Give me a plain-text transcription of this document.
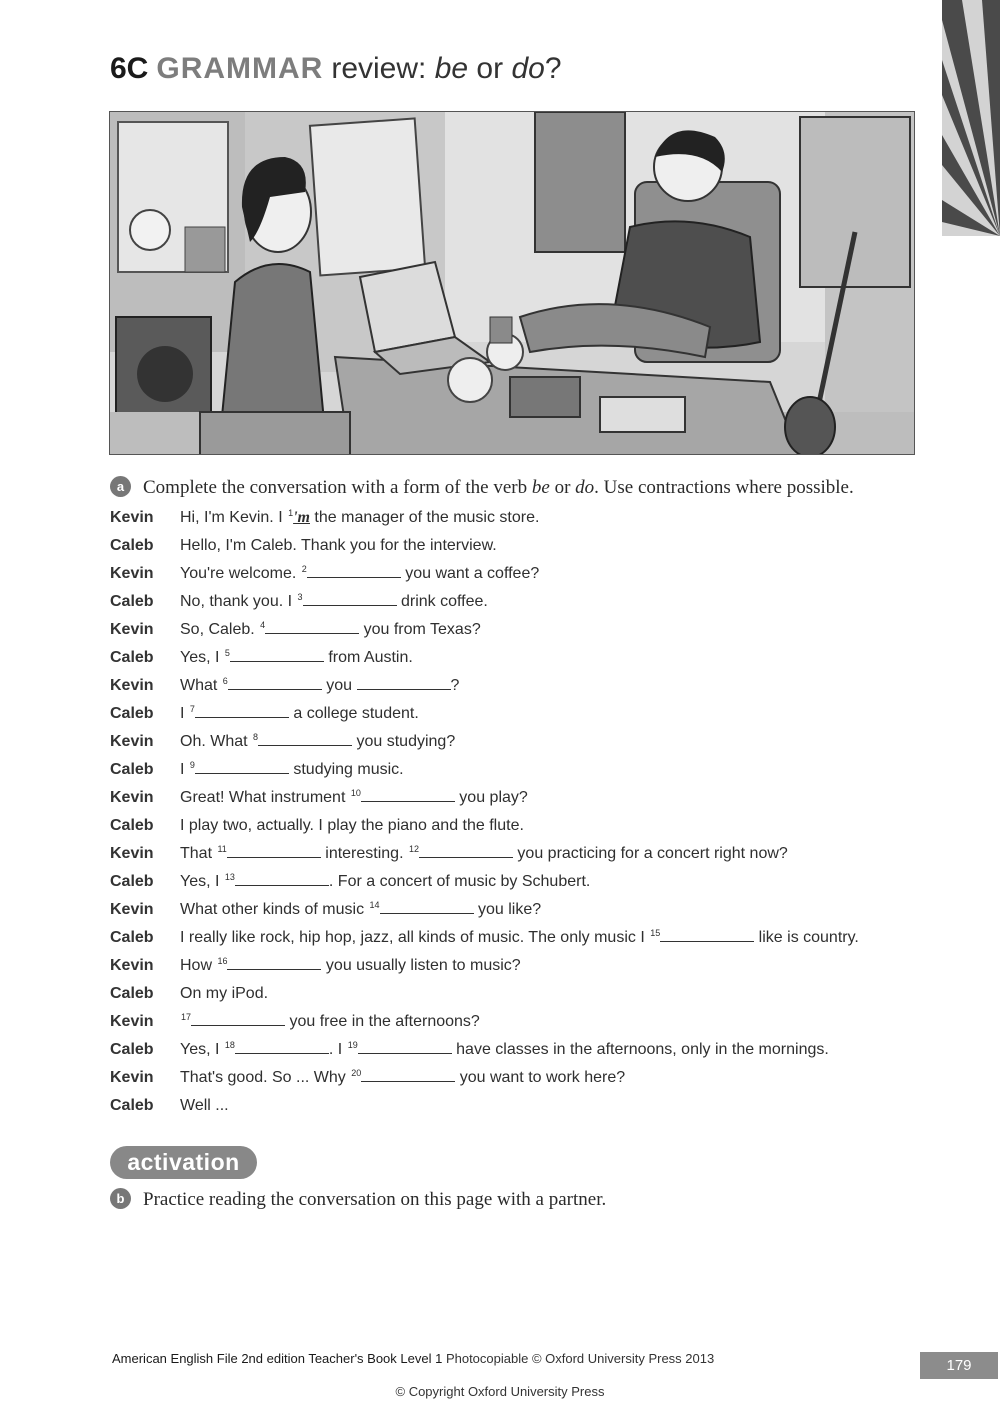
6C GRAMMAR review: be or do?
a Complete the conversation with a form of the verb be or do. Use contractions where possible.
Kevin Hi, I'm Kevin. I $^1$'m the manager of the music store.
Caleb Hello, I'm Caleb. Thank you for the interview.
Kevin You're welcome. $^2$	you want a coffee?
Caleb No, thank you. I $^3$	drink coffee.
Kevin So, Caleb. $^4$	you from Texas?
Caleb Yes, I $^5$	from Austin.
Kevin What $^6$	you	?
Caleb I $^7$	a college student.
Kevin Oh. What $^8$	you studying?
Caleb I $^9$	studying music.
Kevin Great! What instrument $^{10}$	you play?
Caleb I play two, actually. I play the piano and the flute.
Kevin That $^{11}$	interesting. $^{12}$	you practicing for a concert right now?
Caleb Yes, I $^{13}$	. For a concert of music by Schubert.
Kevin What other kinds of music $^{14}$	you like?
Caleb I really like rock, hip hop, jazz, all kinds of music. The only music I $^{15}$	like is country.
Kevin How $^{16}$	you usually listen to music?
Caleb On my iPod.
Kevin	$^{17}$	you free in the afternoons?
Caleb Yes, I $^{18}$	. I $^{19}$	have classes in the afternoons, only in the mornings.
Kevin That's good. So ... Why $^{20}$	you want to work here?
Caleb Well ...
activation
b Practice reading the conversation on this page with a partner.
American English File 2nd edition Teacher's Book Level 1 Photocopiable © Oxford University Press 2013	179
© Copyright Oxford University Press
